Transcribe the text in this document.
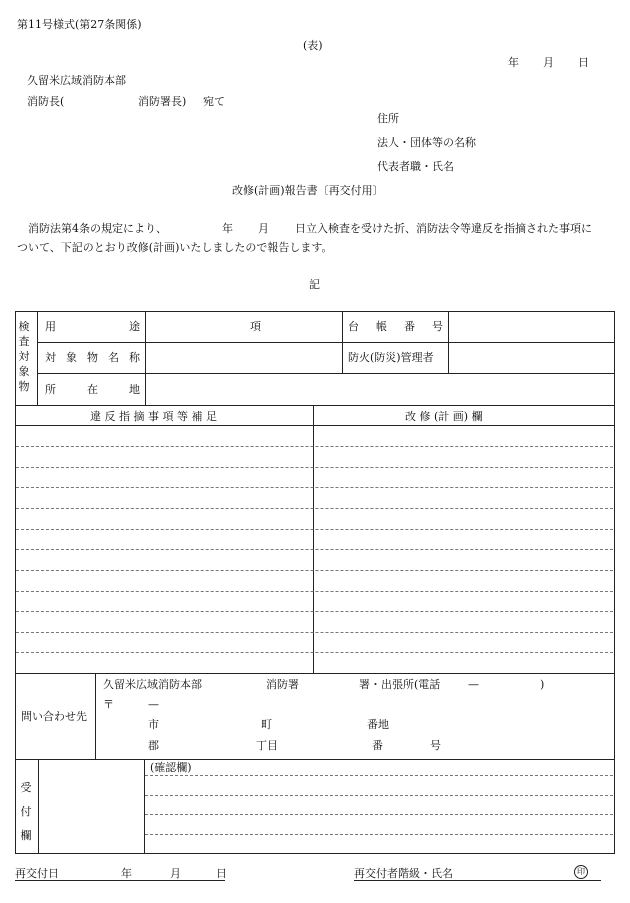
第11号様式(第27条関係)
(表)
年 月 日
久留米広域消防本部
消防長(	消防署長) 宛て
住所
法人・団体等の名称
代表者職・氏名
改修(計画)報告書〔再交付用〕
消防法第4条の規定により、	年 月 日立入検査を受けた折、消防法令等違反を指摘された事項に
ついて、下記のとおり改修(計画)いたしましたので報告します。
記
検査対象物
用 途	項	台 帳 番 号
対 象 物 名 称	防火(防災)管理者
所 在 地
違 反 指 摘 事 項 等 補 足	改 修 (計 画) 欄
問い合わせ先
久留米広域消防本部	消防署	署・出張所(電話	—	)
〒	—
市	町	番地
郡	丁目	番	号
受付欄
(確認欄)
再交付日	年	月	日	再交付者階級・氏名	印
